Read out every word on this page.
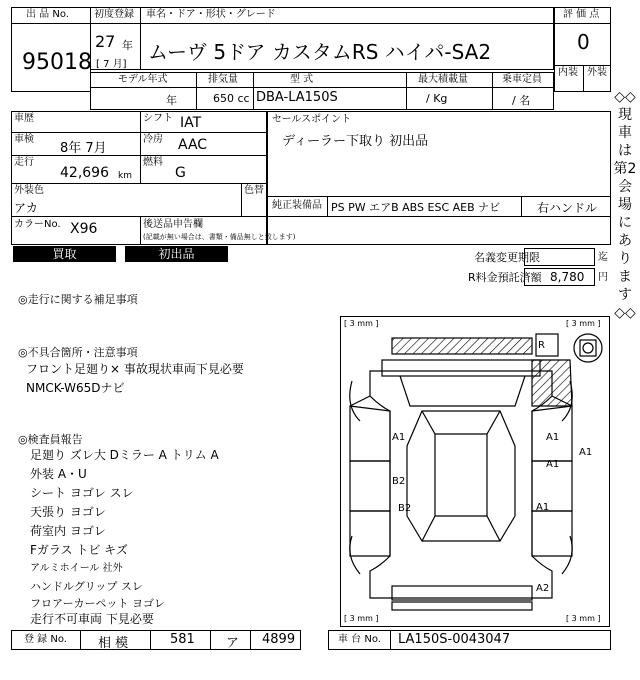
出 品 No.
95018
初度登録 車名・ドア・形状・グレード
27 年
[ 7 月]
ムーヴ 5ドア カスタムRS ハイパ-SA2
評 価 点
0
内装 外装
モデル年式	排気量	型 式	最大積載量	乗車定員
年	650 cc DBA-LA150S	/ Kg	/ 名
車歴	シフト IAT
車検
8年 7月
冷房 AAC
走行
42,696 km
燃料
G
外装色
アカ
色替
カラーNo. X96	後送品申告欄
(記載が無い場合は、書類・備品無しと致します)
セールスポイント
ディーラー下取り 初出品
純正装備品 PS PW エアB ABS ESC AEB ナビ	右ハンドル
買取	初出品	名義変更期限	迄
R料金預託済額 8,780 円
◎走行に関する補足事項
◎不具合箇所・注意事項
フロント足廻り× 事故現状車両下見必要
NMCK-W65Dナビ
◎検査員報告
足廻り ズレ大 Dミラー A トリム A
外装 A・U
シート ヨゴレ スレ
天張り ヨゴレ
荷室内 ヨゴレ
Fガラス トビ キズ
アルミホイール 社外
ハンドルグリップ スレ
フロアーカーペット ヨゴレ
走行不可車両 下見必要
[ 3 mm ]	[ 3 mm ]
[ 3 mm ]	[ 3 mm ]
R
A1	A1
A1
A1
B2
B2	A1
A2
登 録 No. 相 模	581 ア 4899	車 台 No. LA150S-0043047
◇◇現車は第2会場にあります◇◇
